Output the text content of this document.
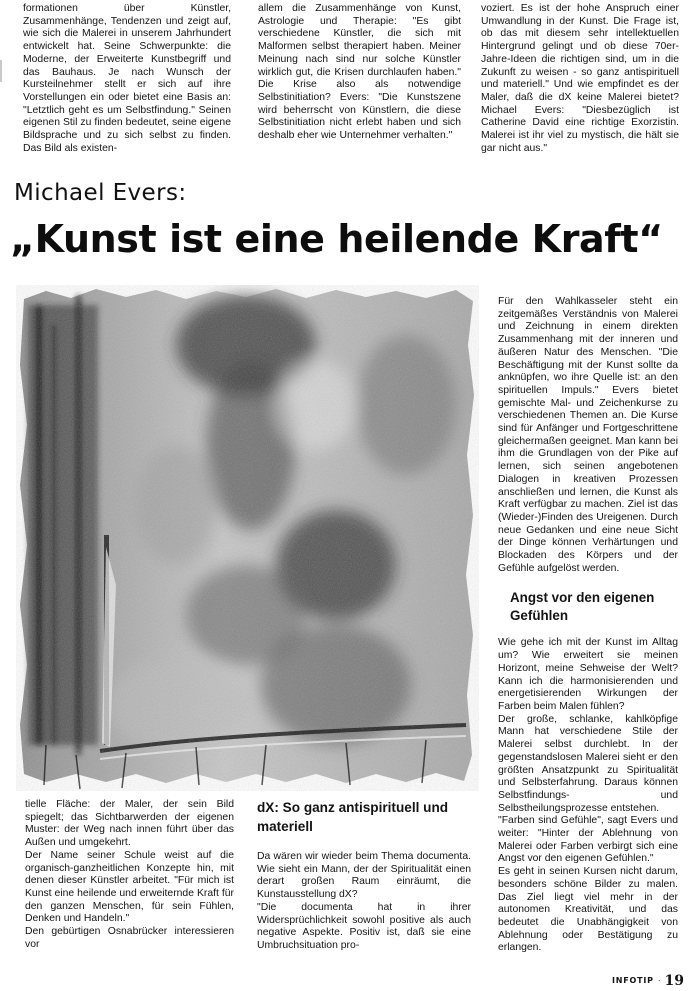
formationen über Künstler, Zusammenhänge, Tendenzen und zeigt auf, wie sich die Malerei in unserem Jahrhundert entwickelt hat. Seine Schwerpunkte: die Moderne, der Erweiterte Kunstbegriff und das Bauhaus. Je nach Wunsch der Kursteilnehmer stellt er sich auf ihre Vorstellungen ein oder bietet eine Basis an: "Letztlich geht es um Selbstfindung." Seinen eigenen Stil zu finden bedeutet, seine eigene Bildsprache und zu sich selbst zu finden. Das Bild als existen-

allem die Zusammenhänge von Kunst, Astrologie und Therapie: "Es gibt verschiedene Künstler, die sich mit Malformen selbst therapiert haben. Meiner Meinung nach sind nur solche Künstler wirklich gut, die Krisen durchlaufen haben." Die Krise also als notwendige Selbstinitiation? Evers: "Die Kunstszene wird beherrscht von Künstlern, die diese Selbstinitiation nicht erlebt haben und sich deshalb eher wie Unternehmer verhalten."

voziert. Es ist der hohe Anspruch einer Umwandlung in der Kunst. Die Frage ist, ob das mit diesem sehr intellektuellen Hintergrund gelingt und ob diese 70er-Jahre-Ideen die richtigen sind, um in die Zukunft zu weisen - so ganz antispirituell und materiell." Und wie empfindet es der Maler, daß die dX keine Malerei bietet? Michael Evers: "Diesbezüglich ist Catherine David eine richtige Exorzistin. Malerei ist ihr viel zu mystisch, die hält sie gar nicht aus."

Michael Evers:
„Kunst ist eine heilende Kraft“

Für den Wahlkasseler steht ein zeitgemäßes Verständnis von Malerei und Zeichnung in einem direkten Zusammenhang mit der inneren und äußeren Natur des Menschen. "Die Beschäftigung mit der Kunst sollte da anknüpfen, wo ihre Quelle ist: an den spirituellen Impuls." Evers bietet gemischte Mal- und Zeichenkurse zu verschiedenen Themen an. Die Kurse sind für Anfänger und Fortgeschrittene gleichermaßen geeignet. Man kann bei ihm die Grundlagen von der Pike auf lernen, sich seinen angebotenen Dialogen in kreativen Prozessen anschließen und lernen, die Kunst als Kraft verfügbar zu machen. Ziel ist das (Wieder-)Finden des Ureigenen. Durch neue Gedanken und eine neue Sicht der Dinge können Verhärtungen und Blockaden des Körpers und der Gefühle aufgelöst werden.

Angst vor den eigenen Gefühlen

Wie gehe ich mit der Kunst im Alltag um? Wie erweitert sie meinen Horizont, meine Sehweise der Welt? Kann ich die harmonisierenden und energetisierenden Wirkungen der Farben beim Malen fühlen?

Der große, schlanke, kahlköpfige Mann hat verschiedene Stile der Malerei selbst durchlebt. In der gegenstandslosen Malerei sieht er den größten Ansatzpunkt zu Spiritualität und Selbsterfahrung. Daraus können Selbstfindungs- und Selbstheilungsprozesse entstehen.

"Farben sind Gefühle", sagt Evers und weiter: "Hinter der Ablehnung von Malerei oder Farben verbirgt sich eine Angst vor den eigenen Gefühlen."

Es geht in seinen Kursen nicht darum, besonders schöne Bilder zu malen. Das Ziel liegt viel mehr in der autonomen Kreativität, und das bedeutet die Unabhängigkeit von Ablehnung oder Bestätigung zu erlangen.

tielle Fläche: der Maler, der sein Bild spiegelt; das Sichtbarwerden der eigenen Muster: der Weg nach innen führt über das Außen und umgekehrt.

Der Name seiner Schule weist auf die organisch-ganzheitlichen Konzepte hin, mit denen dieser Künstler arbeitet. "Für mich ist Kunst eine heilende und erweiternde Kraft für den ganzen Menschen, für sein Fühlen, Denken und Handeln."

Den gebürtigen Osnabrücker interessieren vor

dX: So ganz antispirituell und materiell

Da wären wir wieder beim Thema documenta. Wie sieht ein Mann, der der Spiritualität einen derart großen Raum einräumt, die Kunstausstellung dX?

"Die documenta hat in ihrer Widersprüchlichkeit sowohl positive als auch negative Aspekte. Positiv ist, daß sie eine Umbruchsituation pro-

INFOTIP · 19
